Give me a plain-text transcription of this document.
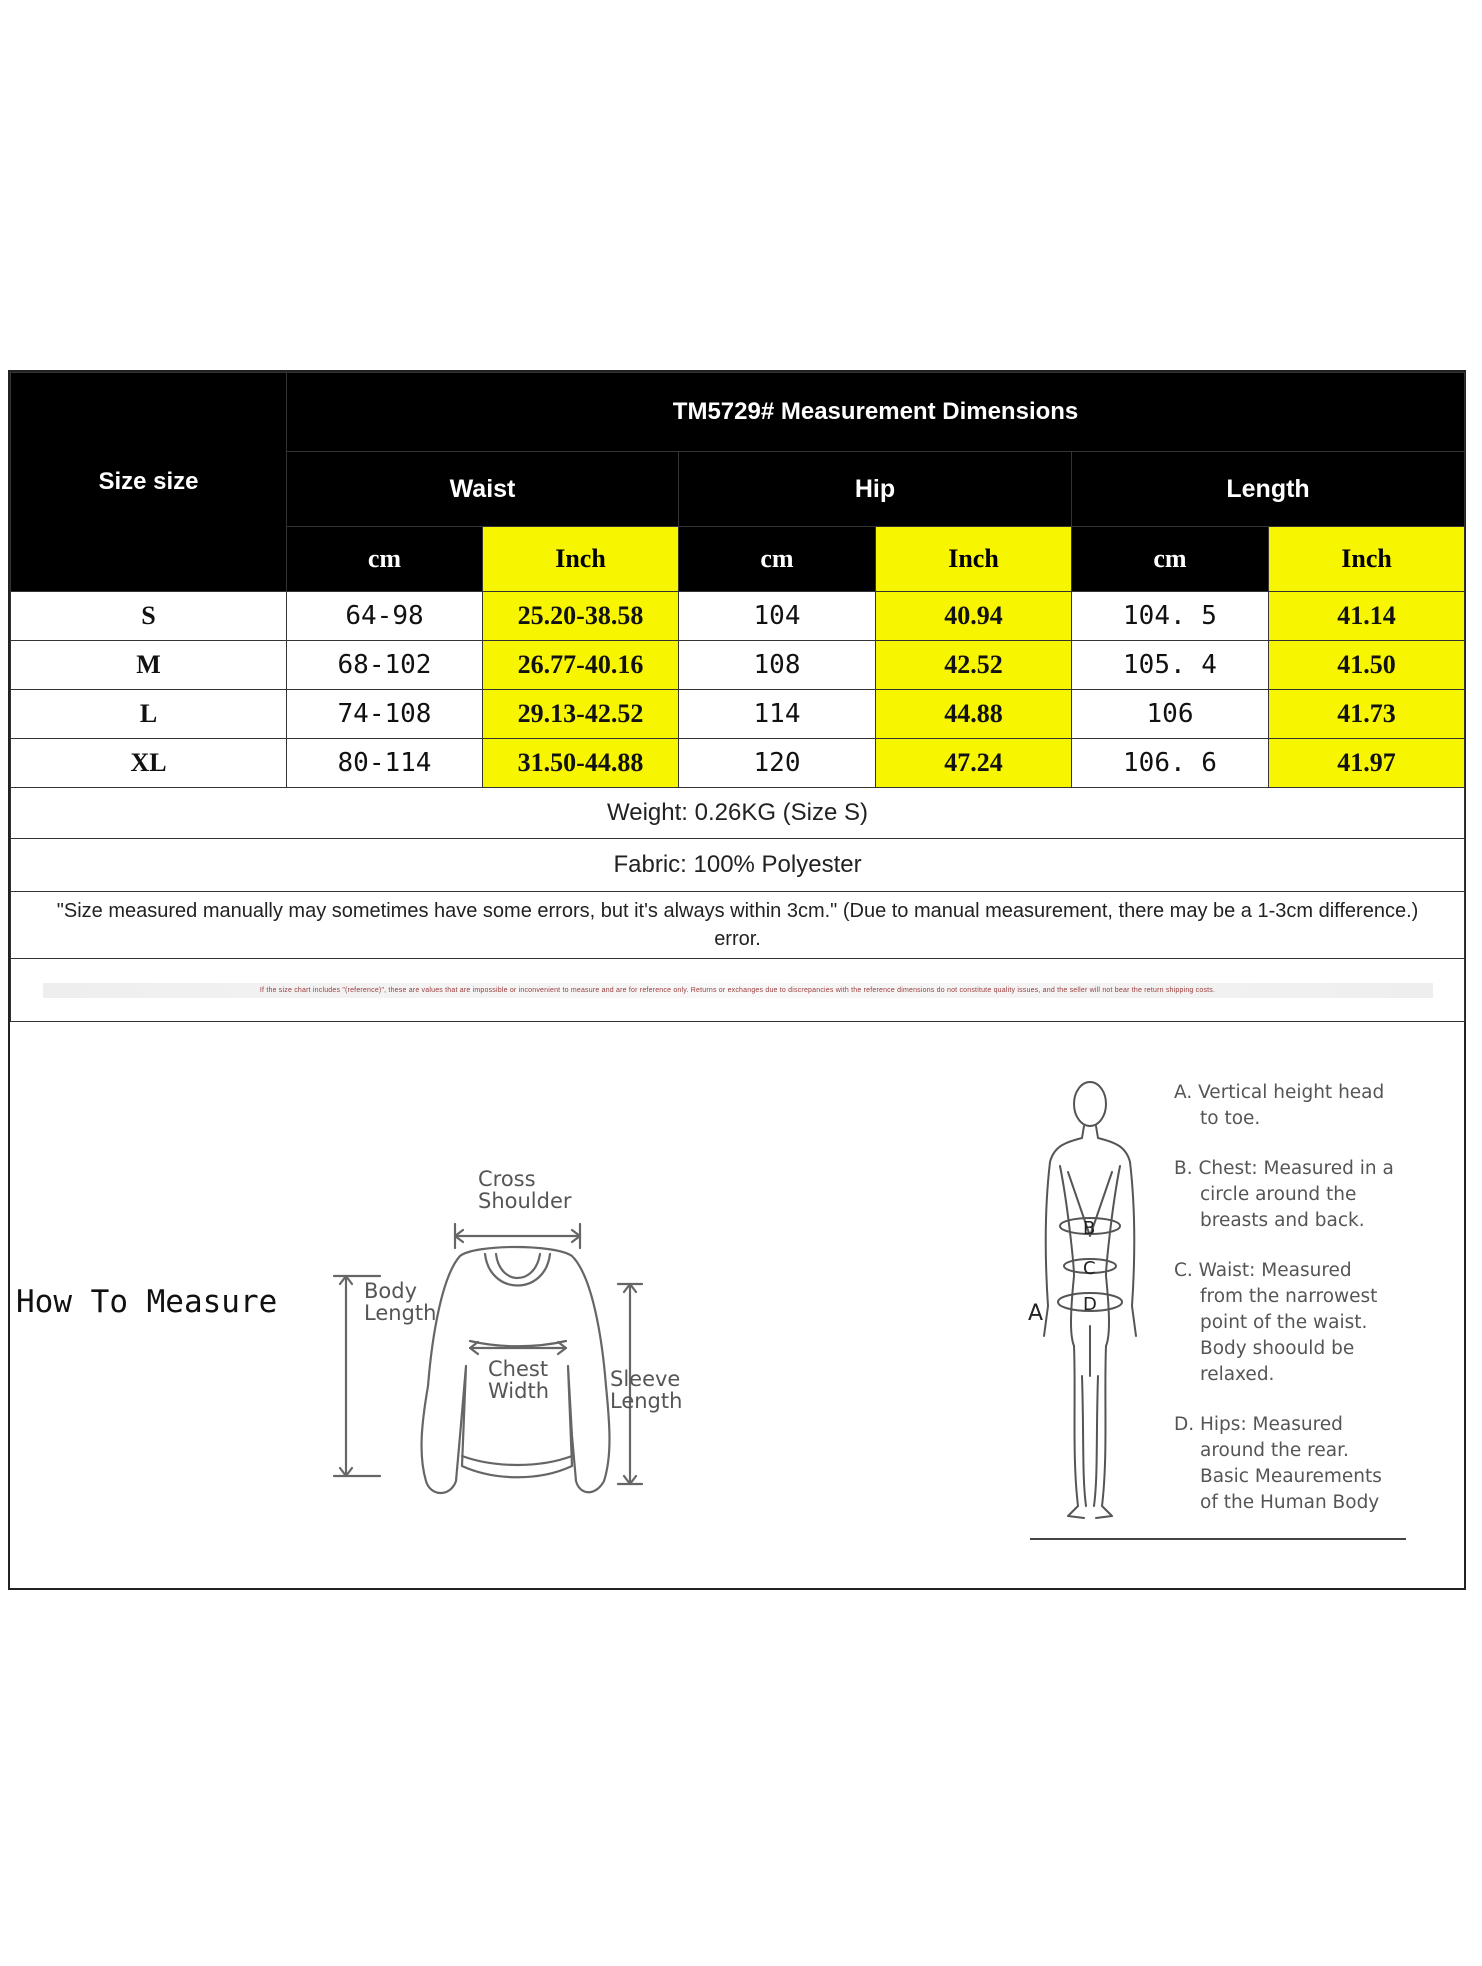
Size size	TM5729# Measurement Dimensions					
	Waist		Hip		Length	
	cm	Inch	cm	Inch	cm	Inch
S	64-98	25.20-38.58	104	40.94	104. 5	41.14
M	68-102	26.77-40.16	108	42.52	105. 4	41.50
L	74-108	29.13-42.52	114	44.88	106	41.73
XL	80-114	31.50-44.88	120	47.24	106. 6	41.97
Weight: 0.26KG (Size S)						
Fabric: 100% Polyester						

"Size measured manually may sometimes have some errors, but it's always within 3cm." (Due to manual measurement, there may be a 1-3cm difference.)
error.						

If the size chart includes "(reference)", these are values that are impossible or inconvenient to measure and are for reference only. Returns or exchanges due to discrepancies with the reference dimensions do not constitute quality issues, and the seller will not bear the return shipping costs.						
How To Measure
Cross
Shoulder
Body
Length
Chest
Width	Sleeve
Length
A
B
C
D

A. Vertical height head
to toe.

B. Chest: Measured in a
circle around the
breasts and back.

C. Waist: Measured
from the narrowest
point of the waist.
Body shoould be
relaxed.

D. Hips: Measured
around the rear.
Basic Meaurements
of the Human Body
